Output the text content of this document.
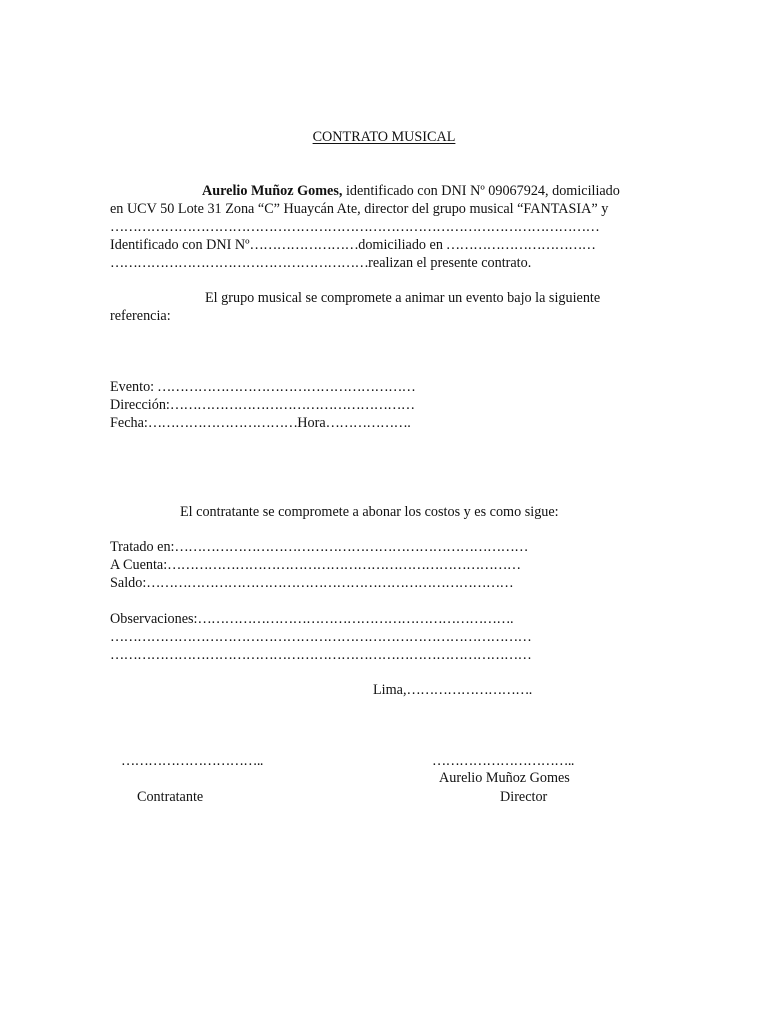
CONTRATO MUSICAL
Aurelio Muñoz Gomes, identificado con DNI Nº 09067924, domiciliado
en UCV 50 Lote 31 Zona “C” Huaycán Ate, director del grupo musical “FANTASIA” y
………………………………………………………………………………………………
Identificado con DNI Nº……………………domiciliado en ……………………………
…………………………………………………realizan el presente contrato.
El grupo musical se compromete a animar un evento bajo la siguiente
referencia:
Evento: …………………………………………………
Dirección:………………………………………………
Fecha:……………………………Hora……………….
El contratante se compromete a abonar los costos y es como sigue:
Tratado en:……………………………………………………………………
A Cuenta:……………………………………………………………………
Saldo:………………………………………………………………………
Observaciones:…………………………………………………………….
…………………………………………………………………………………
…………………………………………………………………………………
Lima,……………………….
…………………………..	…………………………..
Aurelio Muñoz Gomes
Contratante	Director
